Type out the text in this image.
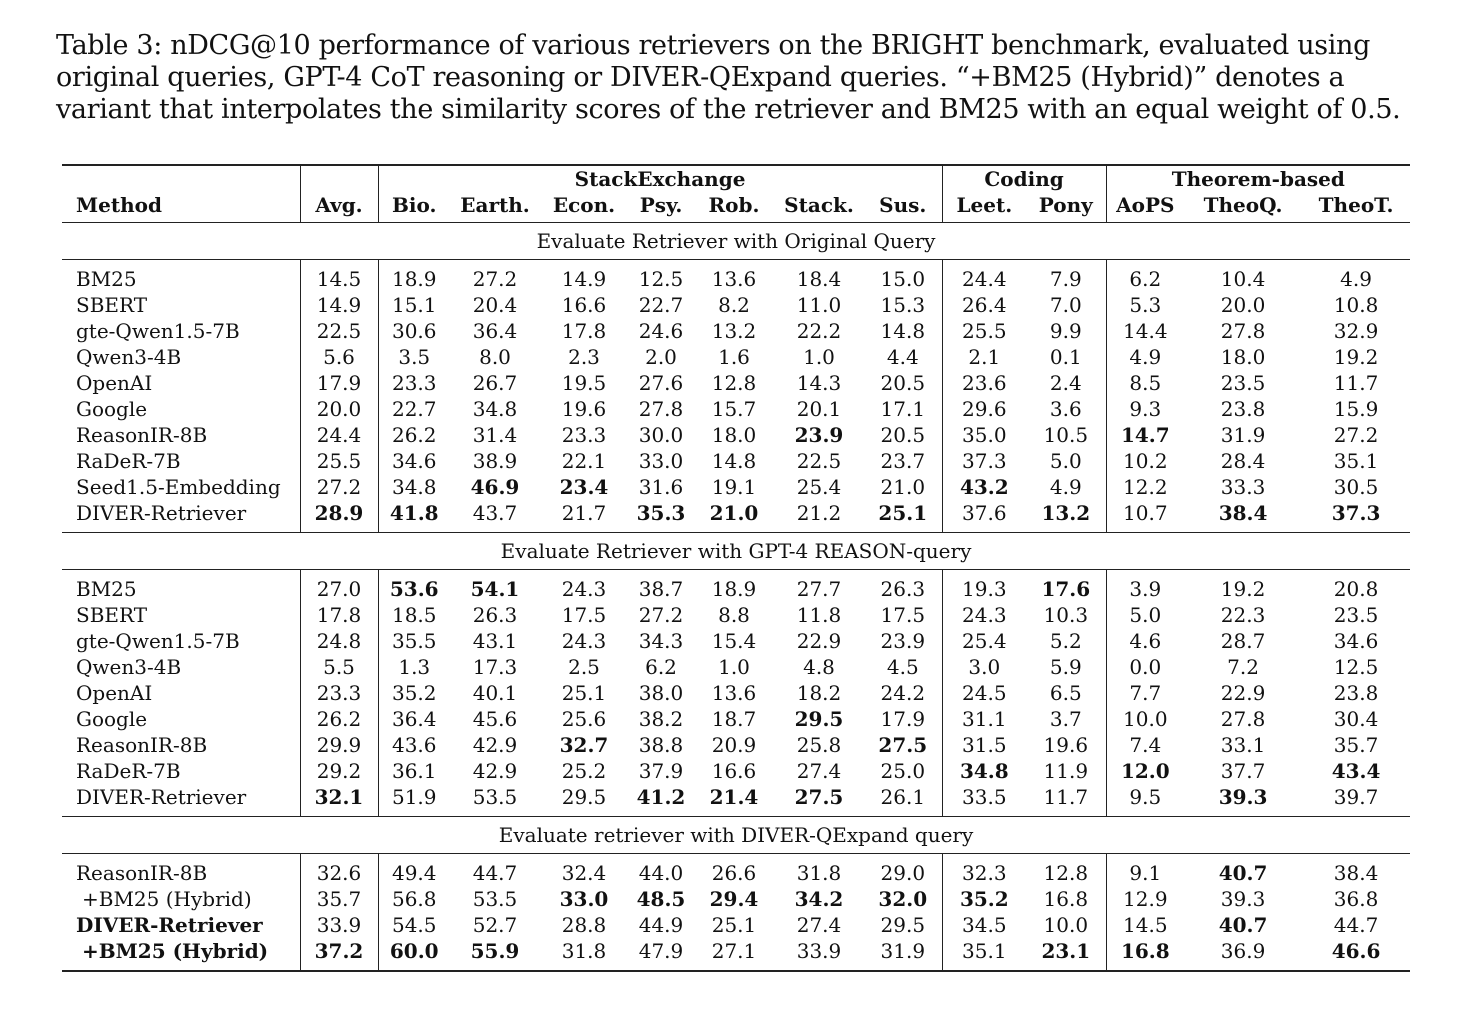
Table 3: nDCG@10 performance of various retrievers on the BRIGHT benchmark, evaluated using original queries, GPT-4 CoT reasoning or DIVER-QExpand queries. “+BM25 (Hybrid)” denotes a variant that interpolates the similarity scores of the retriever and BM25 with an equal weight of 0.5.
		StackExchange							Coding		Theorem-based		
Method	Avg.	Bio.	Earth.	Econ.	Psy.	Rob.	Stack.	Sus.	Leet.	Pony	AoPS	TheoQ.	TheoT.
Evaluate Retriever with Original Query													
BM25	14.5	18.9	27.2	14.9	12.5	13.6	18.4	15.0	24.4	7.9	6.2	10.4	4.9
SBERT	14.9	15.1	20.4	16.6	22.7	8.2	11.0	15.3	26.4	7.0	5.3	20.0	10.8
gte-Qwen1.5-7B	22.5	30.6	36.4	17.8	24.6	13.2	22.2	14.8	25.5	9.9	14.4	27.8	32.9
Qwen3-4B	5.6	3.5	8.0	2.3	2.0	1.6	1.0	4.4	2.1	0.1	4.9	18.0	19.2
OpenAI	17.9	23.3	26.7	19.5	27.6	12.8	14.3	20.5	23.6	2.4	8.5	23.5	11.7
Google	20.0	22.7	34.8	19.6	27.8	15.7	20.1	17.1	29.6	3.6	9.3	23.8	15.9
ReasonIR-8B	24.4	26.2	31.4	23.3	30.0	18.0	23.9	20.5	35.0	10.5	14.7	31.9	27.2
RaDeR-7B	25.5	34.6	38.9	22.1	33.0	14.8	22.5	23.7	37.3	5.0	10.2	28.4	35.1
Seed1.5-Embedding	27.2	34.8	46.9	23.4	31.6	19.1	25.4	21.0	43.2	4.9	12.2	33.3	30.5
DIVER-Retriever	28.9	41.8	43.7	21.7	35.3	21.0	21.2	25.1	37.6	13.2	10.7	38.4	37.3
Evaluate Retriever with GPT-4 REASON-query													
BM25	27.0	53.6	54.1	24.3	38.7	18.9	27.7	26.3	19.3	17.6	3.9	19.2	20.8
SBERT	17.8	18.5	26.3	17.5	27.2	8.8	11.8	17.5	24.3	10.3	5.0	22.3	23.5
gte-Qwen1.5-7B	24.8	35.5	43.1	24.3	34.3	15.4	22.9	23.9	25.4	5.2	4.6	28.7	34.6
Qwen3-4B	5.5	1.3	17.3	2.5	6.2	1.0	4.8	4.5	3.0	5.9	0.0	7.2	12.5
OpenAI	23.3	35.2	40.1	25.1	38.0	13.6	18.2	24.2	24.5	6.5	7.7	22.9	23.8
Google	26.2	36.4	45.6	25.6	38.2	18.7	29.5	17.9	31.1	3.7	10.0	27.8	30.4
ReasonIR-8B	29.9	43.6	42.9	32.7	38.8	20.9	25.8	27.5	31.5	19.6	7.4	33.1	35.7
RaDeR-7B	29.2	36.1	42.9	25.2	37.9	16.6	27.4	25.0	34.8	11.9	12.0	37.7	43.4
DIVER-Retriever	32.1	51.9	53.5	29.5	41.2	21.4	27.5	26.1	33.5	11.7	9.5	39.3	39.7
Evaluate retriever with DIVER-QExpand query													
ReasonIR-8B	32.6	49.4	44.7	32.4	44.0	26.6	31.8	29.0	32.3	12.8	9.1	40.7	38.4
+BM25 (Hybrid)	35.7	56.8	53.5	33.0	48.5	29.4	34.2	32.0	35.2	16.8	12.9	39.3	36.8
DIVER-Retriever	33.9	54.5	52.7	28.8	44.9	25.1	27.4	29.5	34.5	10.0	14.5	40.7	44.7
+BM25 (Hybrid)	37.2	60.0	55.9	31.8	47.9	27.1	33.9	31.9	35.1	23.1	16.8	36.9	46.6
